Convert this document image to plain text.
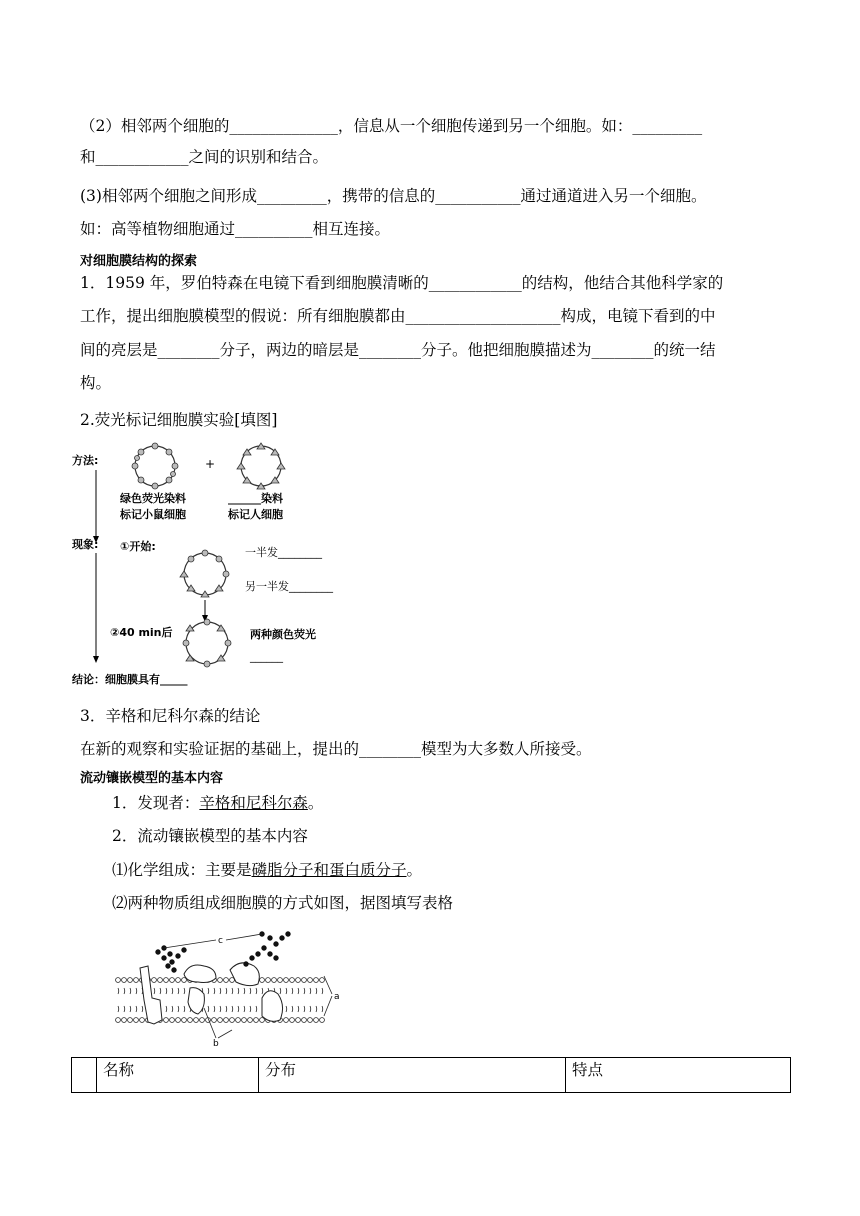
（2）相邻两个细胞的______________，信息从一个细胞传递到另一个细胞。如：_________
和____________之间的识别和结合。
(3)相邻两个细胞之间形成_________，携带的信息的___________通过通道进入另一个细胞。
如：高等植物细胞通过__________相互连接。
对细胞膜结构的探索
1．1959 年，罗伯特森在电镜下看到细胞膜清晰的____________的结构，他结合其他科学家的
工作，提出细胞膜模型的假说：所有细胞膜都由____________________构成，电镜下看到的中
间的亮层是________分子，两边的暗层是________分子。他把细胞膜描述为________的统一结
构。
2.荧光标记细胞膜实验[填图]
方法:	+
绿色荧光染料
标记小鼠细胞
______染料
标记人细胞
现象: ①开始:	一半发________
另一半发________
②40 min后	两种颜色荧光
______
结论：细胞膜具有_____
3．辛格和尼科尔森的结论
在新的观察和实验证据的基础上，提出的________模型为大多数人所接受。
流动镶嵌模型的基本内容
1．发现者：辛格和尼科尔森。
2．流动镶嵌模型的基本内容
⑴化学组成：主要是磷脂分子和蛋白质分子。
⑵两种物质组成细胞膜的方式如图，据图填写表格
c
a
b
	名称	分布	特点
